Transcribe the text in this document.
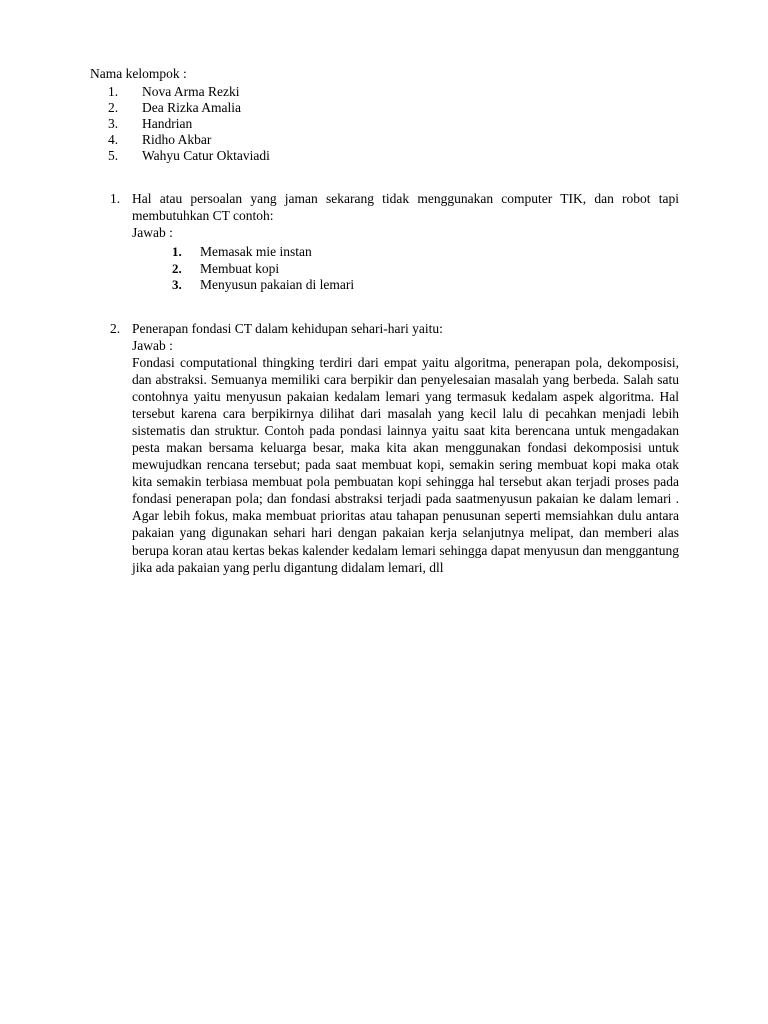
Nama kelompok :

1.	Nova Arma Rezki
2.	Dea Rizka Amalia
3.	Handrian
4.	Ridho Akbar
5.	Wahyu Catur Oktaviadi
1. Hal atau persoalan yang jaman sekarang tidak menggunakan computer TIK, dan robot tapi membutuhkan CT contoh:

Jawab :

1.	Memasak mie instan
2.	Membuat kopi
3.	Menyusun pakaian di lemari
2. Penerapan fondasi CT dalam kehidupan sehari-hari yaitu:

Jawab :

Fondasi computational thingking terdiri dari empat yaitu algoritma, penerapan pola, dekomposisi, dan abstraksi. Semuanya memiliki cara berpikir dan penyelesaian masalah yang berbeda. Salah satu contohnya yaitu menyusun pakaian kedalam lemari yang termasuk kedalam aspek algoritma. Hal tersebut karena cara berpikirnya dilihat dari masalah yang kecil lalu di pecahkan menjadi lebih sistematis dan struktur. Contoh pada pondasi lainnya yaitu saat kita berencana untuk mengadakan pesta makan bersama keluarga besar, maka kita akan menggunakan fondasi dekomposisi untuk mewujudkan rencana tersebut; pada saat membuat kopi, semakin sering membuat kopi maka otak kita semakin terbiasa membuat pola pembuatan kopi sehingga hal tersebut akan terjadi proses pada fondasi penerapan pola; dan fondasi abstraksi terjadi pada saatmenyusun pakaian ke dalam lemari . Agar lebih fokus, maka membuat prioritas atau tahapan penusunan seperti memsiahkan dulu antara pakaian yang digunakan sehari hari dengan pakaian kerja selanjutnya melipat, dan memberi alas berupa koran atau kertas bekas kalender kedalam lemari sehingga dapat menyusun dan menggantung jika ada pakaian yang perlu digantung didalam lemari, dll
